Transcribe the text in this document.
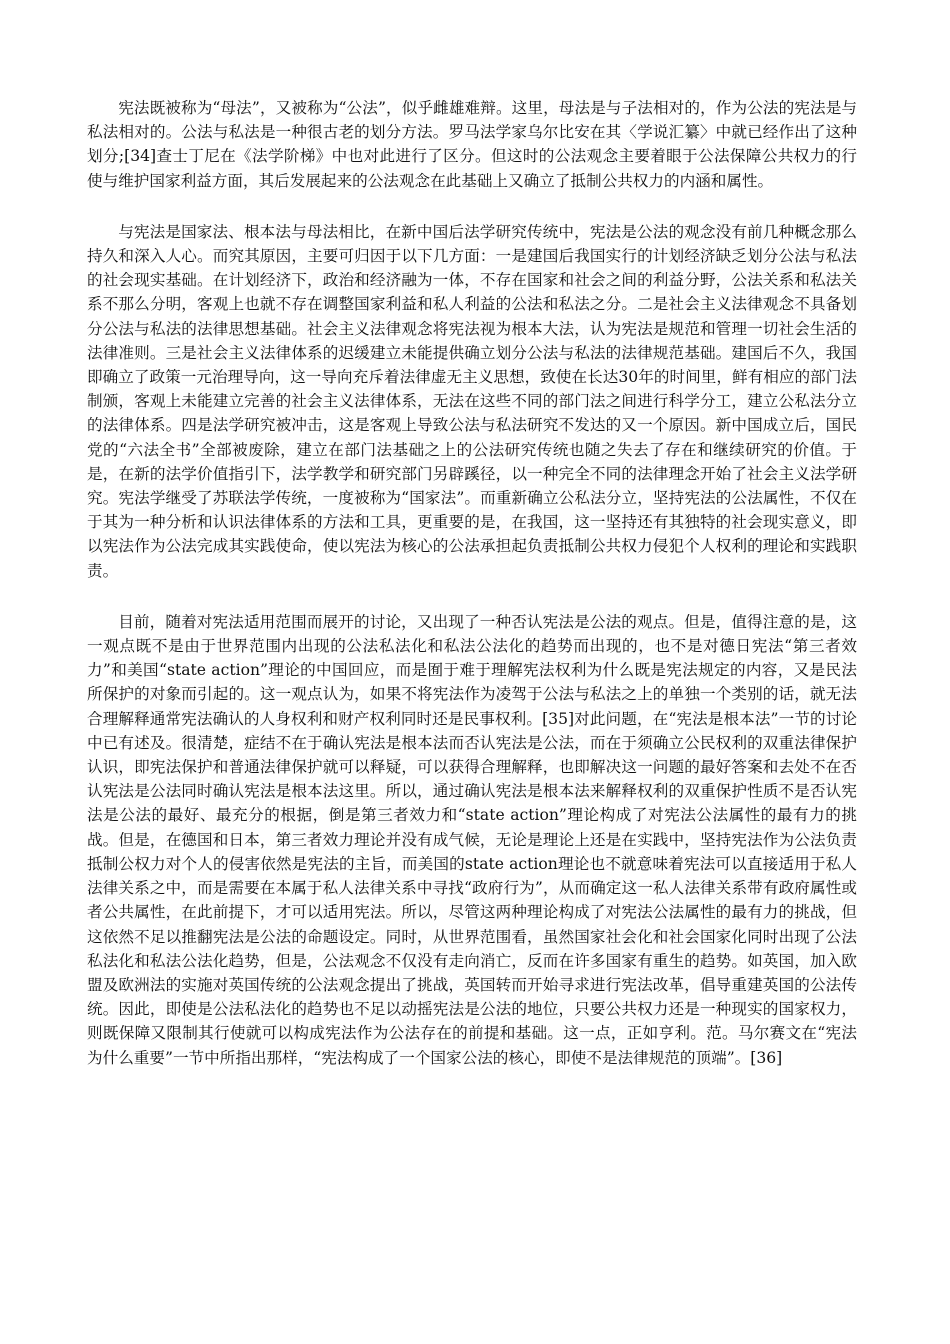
宪法既被称为“母法”，又被称为“公法”，似乎雌雄难辩。这里，母法是与子法相对的，作为公法的宪法是与私法相对的。公法与私法是一种很古老的划分方法。罗马法学家乌尔比安在其〈学说汇纂〉中就已经作出了这种划分;[34]查士丁尼在《法学阶梯》中也对此进行了区分。但这时的公法观念主要着眼于公法保障公共权力的行使与维护国家利益方面，其后发展起来的公法观念在此基础上又确立了抵制公共权力的内涵和属性。

与宪法是国家法、根本法与母法相比，在新中国后法学研究传统中，宪法是公法的观念没有前几种概念那么持久和深入人心。而究其原因，主要可归因于以下几方面：一是建国后我国实行的计划经济缺乏划分公法与私法的社会现实基础。在计划经济下，政治和经济融为一体，不存在国家和社会之间的利益分野，公法关系和私法关系不那么分明，客观上也就不存在调整国家利益和私人利益的公法和私法之分。二是社会主义法律观念不具备划分公法与私法的法律思想基础。社会主义法律观念将宪法视为根本大法，认为宪法是规范和管理一切社会生活的法律准则。三是社会主义法律体系的迟缓建立未能提供确立划分公法与私法的法律规范基础。建国后不久，我国即确立了政策一元治理导向，这一导向充斥着法律虚无主义思想，致使在长达30年的时间里，鲜有相应的部门法制颁，客观上未能建立完善的社会主义法律体系，无法在这些不同的部门法之间进行科学分工，建立公私法分立的法律体系。四是法学研究被冲击，这是客观上导致公法与私法研究不发达的又一个原因。新中国成立后，国民党的“六法全书”全部被废除，建立在部门法基础之上的公法研究传统也随之失去了存在和继续研究的价值。于是，在新的法学价值指引下，法学教学和研究部门另辟蹊径，以一种完全不同的法律理念开始了社会主义法学研究。宪法学继受了苏联法学传统，一度被称为“国家法”。而重新确立公私法分立，坚持宪法的公法属性，不仅在于其为一种分析和认识法律体系的方法和工具，更重要的是，在我国，这一坚持还有其独特的社会现实意义，即以宪法作为公法完成其实践使命，使以宪法为核心的公法承担起负责抵制公共权力侵犯个人权利的理论和实践职责。

目前，随着对宪法适用范围而展开的讨论，又出现了一种否认宪法是公法的观点。但是，值得注意的是，这一观点既不是由于世界范围内出现的公法私法化和私法公法化的趋势而出现的，也不是对德日宪法“第三者效力”和美国“state action”理论的中国回应，而是囿于难于理解宪法权利为什么既是宪法规定的内容，又是民法所保护的对象而引起的。这一观点认为，如果不将宪法作为凌驾于公法与私法之上的单独一个类别的话，就无法合理解释通常宪法确认的人身权利和财产权利同时还是民事权利。[35]对此问题，在“宪法是根本法”一节的讨论中已有述及。很清楚，症结不在于确认宪法是根本法而否认宪法是公法，而在于须确立公民权利的双重法律保护认识，即宪法保护和普通法律保护就可以释疑，可以获得合理解释，也即解决这一问题的最好答案和去处不在否认宪法是公法同时确认宪法是根本法这里。所以，通过确认宪法是根本法来解释权利的双重保护性质不是否认宪法是公法的最好、最充分的根据，倒是第三者效力和“state action”理论构成了对宪法公法属性的最有力的挑战。但是，在德国和日本，第三者效力理论并没有成气候，无论是理论上还是在实践中，坚持宪法作为公法负责抵制公权力对个人的侵害依然是宪法的主旨，而美国的state action理论也不就意味着宪法可以直接适用于私人法律关系之中，而是需要在本属于私人法律关系中寻找“政府行为”，从而确定这一私人法律关系带有政府属性或者公共属性，在此前提下，才可以适用宪法。所以，尽管这两种理论构成了对宪法公法属性的最有力的挑战，但这依然不足以推翻宪法是公法的命题设定。同时，从世界范围看，虽然国家社会化和社会国家化同时出现了公法私法化和私法公法化趋势，但是，公法观念不仅没有走向消亡，反而在许多国家有重生的趋势。如英国，加入欧盟及欧洲法的实施对英国传统的公法观念提出了挑战，英国转而开始寻求进行宪法改革，倡导重建英国的公法传统。因此，即使是公法私法化的趋势也不足以动摇宪法是公法的地位，只要公共权力还是一种现实的国家权力，则既保障又限制其行使就可以构成宪法作为公法存在的前提和基础。这一点，正如亨利。范。马尔赛文在“宪法为什么重要”一节中所指出那样，“宪法构成了一个国家公法的核心，即使不是法律规范的顶端”。[36]
